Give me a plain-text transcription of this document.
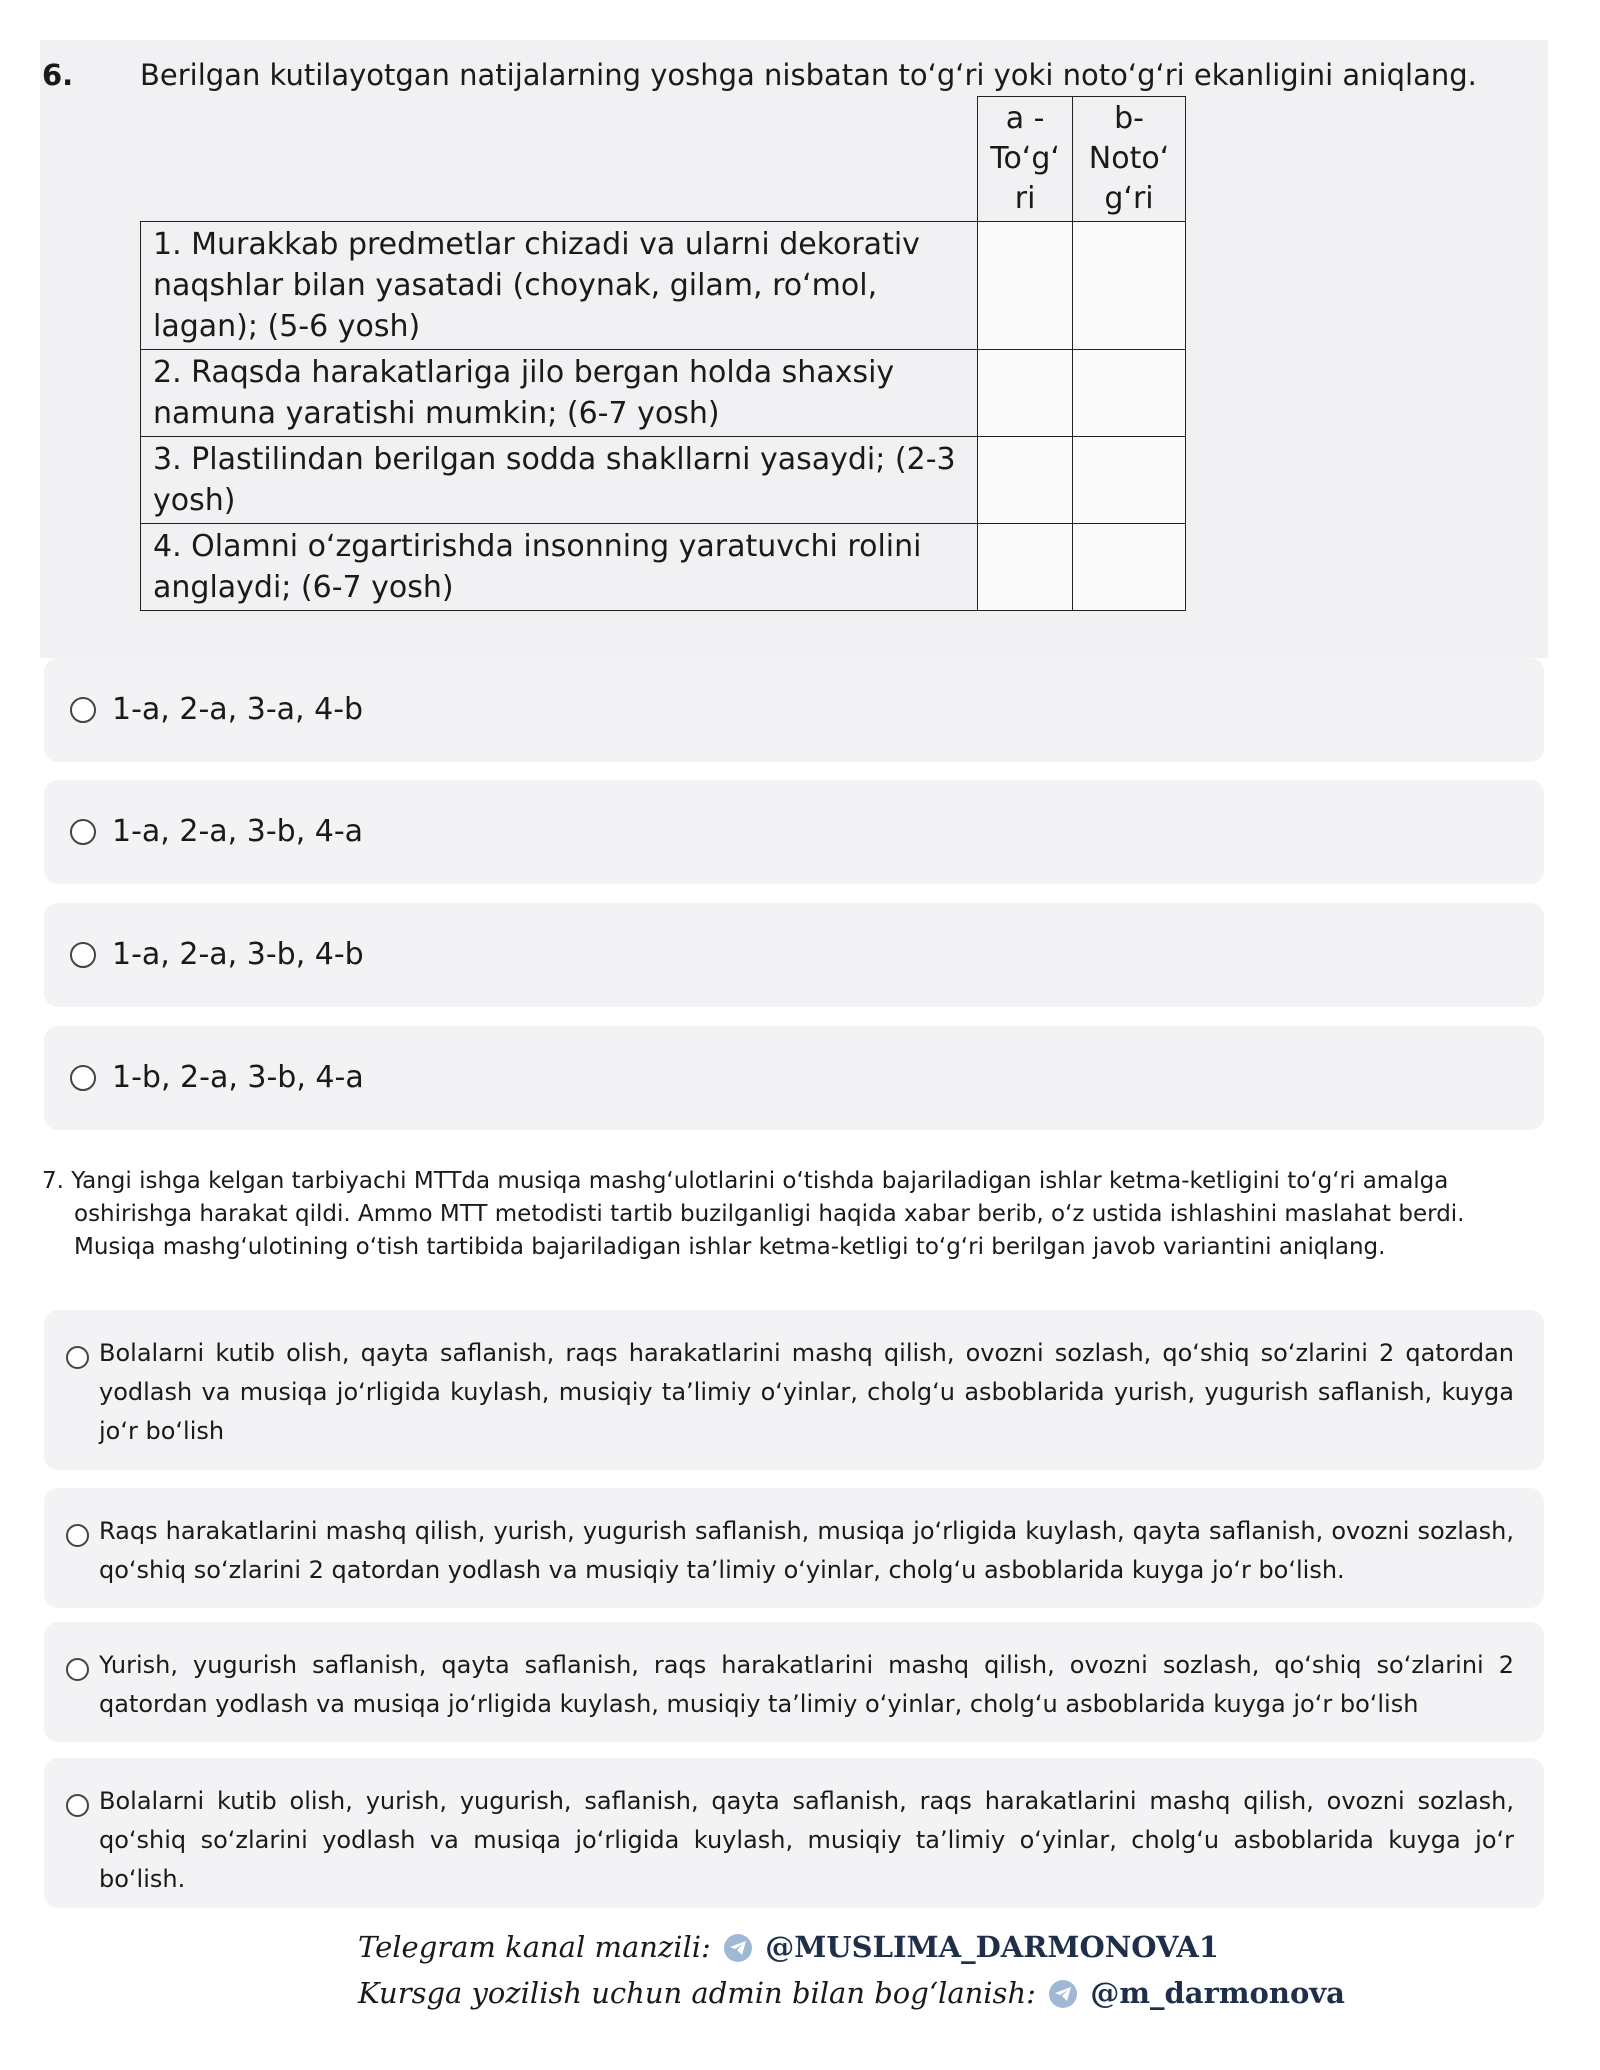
6. Berilgan kutilayotgan natijalarning yoshga nisbatan to‘g‘ri yoki noto‘g‘ri ekanligini aniqlang.
	a - To‘g‘ ri	b- Noto‘ g‘ri
1. Murakkab predmetlar chizadi va ularni dekorativ naqshlar bilan yasatadi (choynak, gilam, ro‘mol, lagan); (5-6 yosh)		
2. Raqsda harakatlariga jilo bergan holda shaxsiy namuna yaratishi mumkin; (6-7 yosh)		
3. Plastilindan berilgan sodda shakllarni yasaydi; (2-3 yosh)		
4. Olamni o‘zgartirishda insonning yaratuvchi rolini anglaydi; (6-7 yosh)		
1-a, 2-a, 3-a, 4-b
1-a, 2-a, 3-b, 4-a
1-a, 2-a, 3-b, 4-b
1-b, 2-a, 3-b, 4-a
7. Yangi ishga kelgan tarbiyachi MTTda musiqa mashg‘ulotlarini o‘tishda bajariladigan ishlar ketma-ketligini to‘g‘ri amalga
oshirishga harakat qildi. Ammo MTT metodisti tartib buzilganligi haqida xabar berib, o‘z ustida ishlashini maslahat berdi.
Musiqa mashg‘ulotining o‘tish tartibida bajariladigan ishlar ketma-ketligi to‘g‘ri berilgan javob variantini aniqlang.
Bolalarni kutib olish, qayta saflanish, raqs harakatlarini mashq qilish, ovozni sozlash, qo‘shiq so‘zlarini 2 qatordan yodlash va musiqa jo‘rligida kuylash, musiqiy ta’limiy o‘yinlar, cholg‘u asboblarida yurish, yugurish saflanish, kuyga jo‘r bo‘lish
Raqs harakatlarini mashq qilish, yurish, yugurish saflanish, musiqa jo‘rligida kuylash, qayta saflanish, ovozni sozlash, qo‘shiq so‘zlarini 2 qatordan yodlash va musiqiy ta’limiy o‘yinlar, cholg‘u asboblarida kuyga jo‘r bo‘lish.
Yurish, yugurish saflanish, qayta saflanish, raqs harakatlarini mashq qilish, ovozni sozlash, qo‘shiq so‘zlarini 2 qatordan yodlash va musiqa jo‘rligida kuylash, musiqiy ta’limiy o‘yinlar, cholg‘u asboblarida kuyga jo‘r bo‘lish
Bolalarni kutib olish, yurish, yugurish, saflanish, qayta saflanish, raqs harakatlarini mashq qilish, ovozni sozlash, qo‘shiq so‘zlarini yodlash va musiqa jo‘rligida kuylash, musiqiy ta’limiy o‘yinlar, cholg‘u asboblarida kuyga jo‘r bo‘lish.
Telegram kanal manzili: @MUSLIMA_DARMONOVA1
Kursga yozilish uchun admin bilan bog‘lanish: @m_darmonova
